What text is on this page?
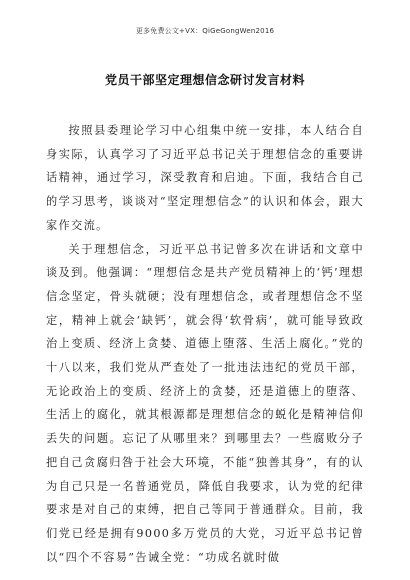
更多免费公文+VX：QiGeGongWen2016
党员干部坚定理想信念研讨发言材料

按照县委理论学习中心组集中统一安排，本人结合自身实际，认真学习了习近平总书记关于理想信念的重要讲话精神，通过学习，深受教育和启迪。下面，我结合自己的学习思考，谈谈对“坚定理想信念”的认识和体会，跟大家作交流。

关于理想信念，习近平总书记曾多次在讲话和文章中谈及到。他强调：“理想信念是共产党员精神上的‘钙’理想信念坚定，骨头就硬；没有理想信念，或者理想信念不坚定，精神上就会‘缺钙’，就会得‘软骨病’，就可能导致政治上变质、经济上贪婪、道德上堕落、生活上腐化。”党的十八以来，我们党从严查处了一批违法违纪的党员干部，无论政治上的变质、经济上的贪婪，还是道德上的堕落、生活上的腐化，就其根源都是理想信念的蜕化是精神信仰丢失的问题。忘记了从哪里来？到哪里去？一些腐败分子把自己贪腐归咎于社会大环境，不能“独善其身”，有的认为自己只是一名普通党员，降低自我要求，认为党的纪律要求是对自己的束缚，把自己等同于普通群众。目前，我们党已经是拥有9000多万党员的大党，习近平总书记曾以“四个不容易”告诫全党：“功成名就时做
